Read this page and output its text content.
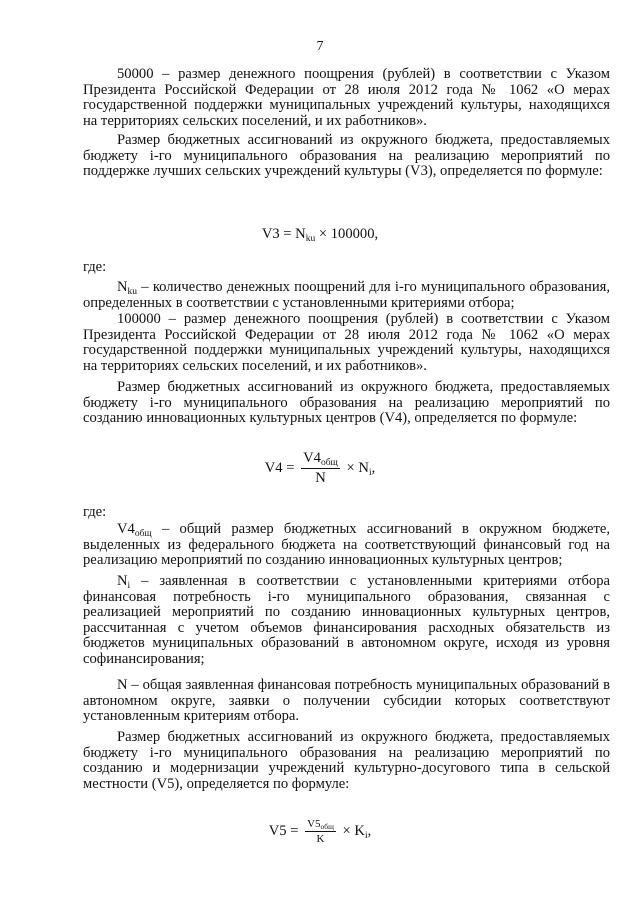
7

50000 – размер денежного поощрения (рублей) в соответствии с Указом Президента Российской Федерации от 28 июля 2012 года № 1062 «О мерах государственной поддержки муниципальных учреждений культуры, находящихся на территориях сельских поселений, и их работников».

Размер бюджетных ассигнований из окружного бюджета, предоставляемых бюджету i-го муниципального образования на реализацию мероприятий по поддержке лучших сельских учреждений культуры (V3), определяется по формуле:

$V3 = N_{ku} \times 100000$,
где:

$N_{ku}$ – количество денежных поощрений для i-го муниципального образования, определенных в соответствии с установленными критериями отбора;

100000 – размер денежного поощрения (рублей) в соответствии с Указом Президента Российской Федерации от 28 июля 2012 года № 1062 «О мерах государственной поддержки муниципальных учреждений культуры, находящихся на территориях сельских поселений, и их работников».

Размер бюджетных ассигнований из окружного бюджета, предоставляемых бюджету i-го муниципального образования на реализацию мероприятий по созданию инновационных культурных центров (V4), определяется по формуле:

$V4 = \frac{V4_{общ}}{N} \times N_i$,
где:

$V4_{общ}$ – общий размер бюджетных ассигнований в окружном бюджете, выделенных из федерального бюджета на соответствующий финансовый год на реализацию мероприятий по созданию инновационных культурных центров;

$N_i$ – заявленная в соответствии с установленными критериями отбора финансовая потребность i-го муниципального образования, связанная с реализацией мероприятий по созданию инновационных культурных центров, рассчитанная с учетом объемов финансирования расходных обязательств из бюджетов муниципальных образований в автономном округе, исходя из уровня софинансирования;

N – общая заявленная финансовая потребность муниципальных образований в автономном округе, заявки о получении субсидии которых соответствуют установленным критериям отбора.

Размер бюджетных ассигнований из окружного бюджета, предоставляемых бюджету i-го муниципального образования на реализацию мероприятий по созданию и модернизации учреждений культурно-досугового типа в сельской местности (V5), определяется по формуле:

$V5 = \frac{V5_{общ}}{K} \times K_i$,
